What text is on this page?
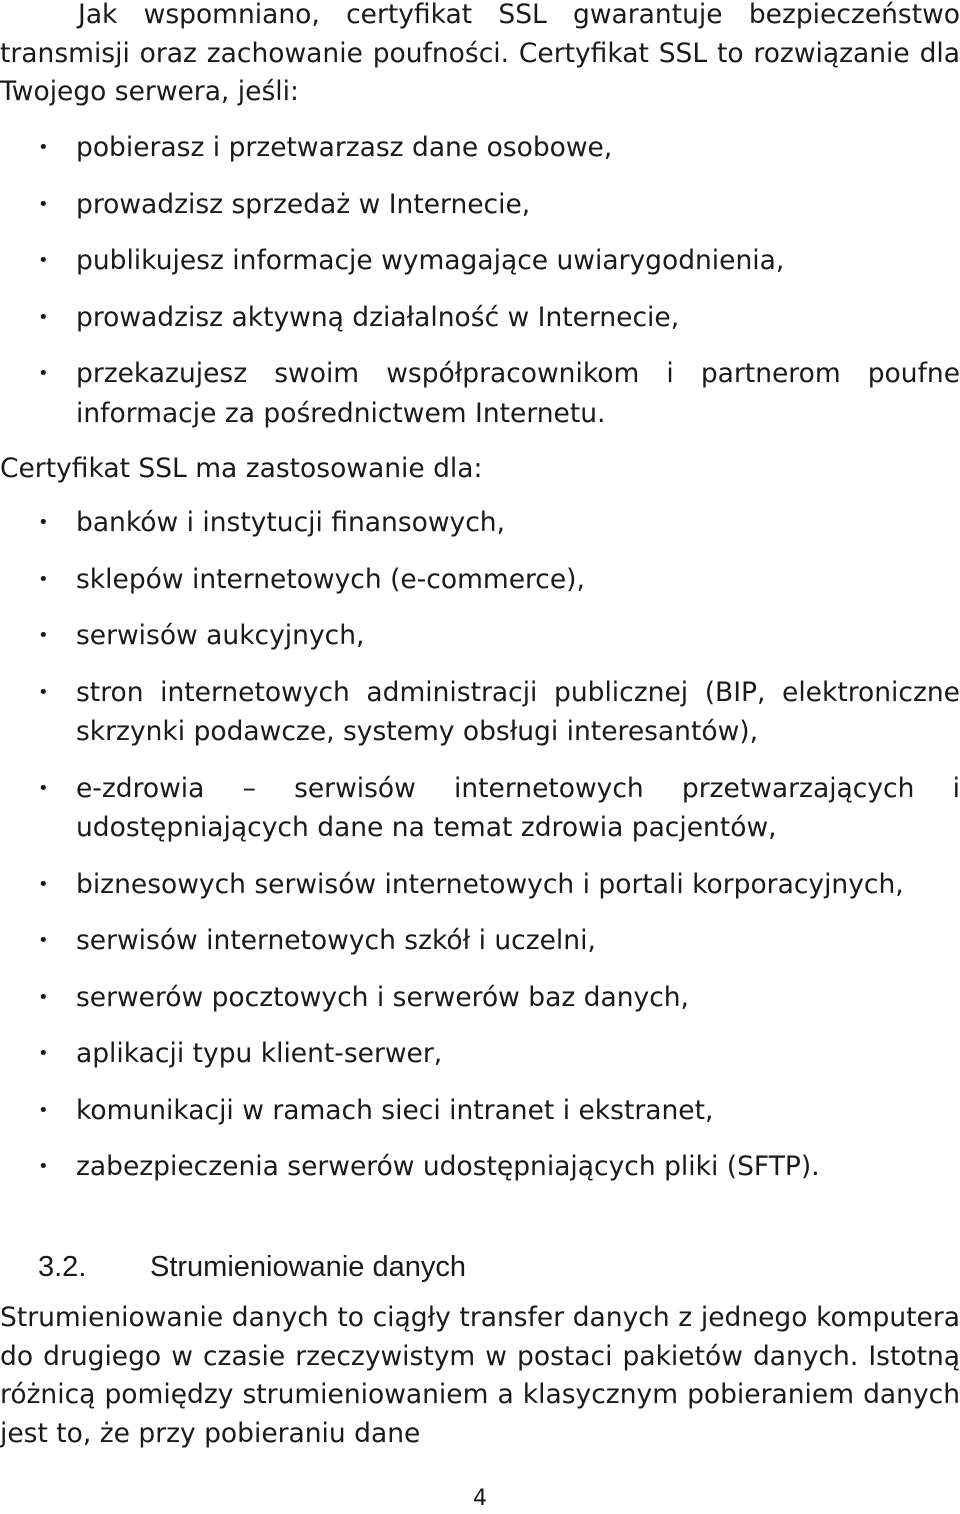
Jak wspomniano, certyfikat SSL gwarantuje bezpieczeństwo transmisji oraz zachowanie poufności. Certyfikat SSL to rozwiązanie dla Twojego serwera, jeśli:

•
pobierasz i przetwarzasz dane osobowe,
•
prowadzisz sprzedaż w Internecie,
•
publikujesz informacje wymagające uwiarygodnienia,
•
prowadzisz aktywną działalność w Internecie,
•
przekazujesz swoim współpracownikom i partnerom poufne informacje za pośrednictwem Internetu.

Certyfikat SSL ma zastosowanie dla:

•
banków i instytucji finansowych,
•
sklepów internetowych (e-commerce),
•
serwisów aukcyjnych,
•
stron internetowych administracji publicznej (BIP, elektroniczne skrzynki podawcze, systemy obsługi interesantów),
•
e-zdrowia – serwisów internetowych przetwarzających i udostępniających dane na temat zdrowia pacjentów,
•
biznesowych serwisów internetowych i portali korporacyjnych,
•
serwisów internetowych szkół i uczelni,
•
serwerów pocztowych i serwerów baz danych,
•
aplikacji typu klient-serwer,
•
komunikacji w ramach sieci intranet i ekstranet,
•
zabezpieczenia serwerów udostępniających pliki (SFTP).
3.2. Strumieniowanie danych

Strumieniowanie danych to ciągły transfer danych z jednego komputera do drugiego w czasie rzeczywistym w postaci pakietów danych. Istotną różnicą pomiędzy strumieniowaniem a klasycznym pobieraniem danych jest to, że przy pobieraniu dane

4
